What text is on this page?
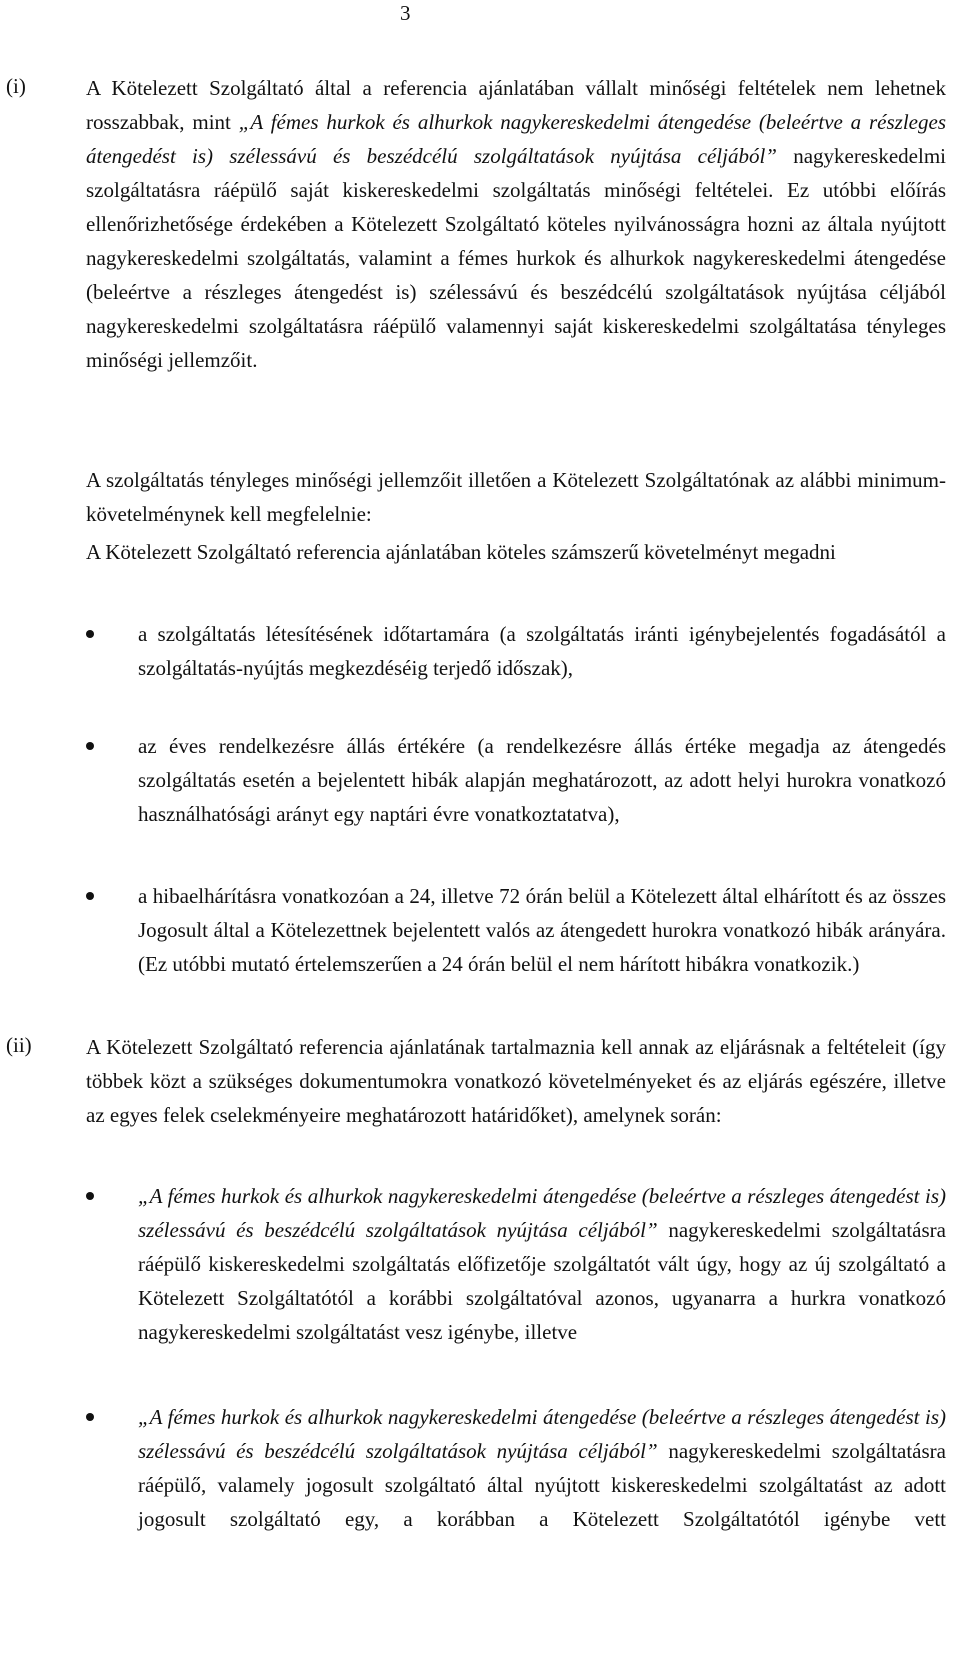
3
(i)	A Kötelezett Szolgáltató által a referencia ajánlatában vállalt minőségi feltételek nem lehetnek rosszabbak, mint „A fémes hurkok és alhurkok nagykereskedelmi átengedése (beleértve a részleges átengedést is) szélessávú és beszédcélú szolgáltatások nyújtása céljából” nagykereskedelmi szolgáltatásra ráépülő saját kiskereskedelmi szolgáltatás minőségi feltételei. Ez utóbbi előírás ellenőrizhetősége érdekében a Kötelezett Szolgáltató köteles nyilvánosságra hozni az általa nyújtott nagykereskedelmi szolgáltatás, valamint a fémes hurkok és alhurkok nagykereskedelmi átengedése (beleértve a részleges átengedést is) szélessávú és beszédcélú szolgáltatások nyújtása céljából nagykereskedelmi szolgáltatásra ráépülő valamennyi saját kiskereskedelmi szolgáltatása tényleges minőségi jellemzőit.
A szolgáltatás tényleges minőségi jellemzőit illetően a Kötelezett Szolgáltatónak az alábbi minimum-követelménynek kell megfelelnie:
A Kötelezett Szolgáltató referencia ajánlatában köteles számszerű követelményt megadni
a szolgáltatás létesítésének időtartamára (a szolgáltatás iránti igénybejelentés fogadásától a szolgáltatás-nyújtás megkezdéséig terjedő időszak),
az éves rendelkezésre állás értékére (a rendelkezésre állás értéke megadja az átengedés szolgáltatás esetén a bejelentett hibák alapján meghatározott, az adott helyi hurokra vonatkozó használhatósági arányt egy naptári évre vonatkoztatatva),
a hibaelhárításra vonatkozóan a 24, illetve 72 órán belül a Kötelezett által elhárított és az összes Jogosult által a Kötelezettnek bejelentett valós az átengedett hurokra vonatkozó hibák arányára. (Ez utóbbi mutató értelemszerűen a 24 órán belül el nem hárított hibákra vonatkozik.)
(ii)	A Kötelezett Szolgáltató referencia ajánlatának tartalmaznia kell annak az eljárásnak a feltételeit (így többek közt a szükséges dokumentumokra vonatkozó követelményeket és az eljárás egészére, illetve az egyes felek cselekményeire meghatározott határidőket), amelynek során:
„A fémes hurkok és alhurkok nagykereskedelmi átengedése (beleértve a részleges átengedést is) szélessávú és beszédcélú szolgáltatások nyújtása céljából” nagykereskedelmi szolgáltatásra ráépülő kiskereskedelmi szolgáltatás előfizetője szolgáltatót vált úgy, hogy az új szolgáltató a Kötelezett Szolgáltatótól a korábbi szolgáltatóval azonos, ugyanarra a hurkra vonatkozó nagykereskedelmi szolgáltatást vesz igénybe, illetve
„A fémes hurkok és alhurkok nagykereskedelmi átengedése (beleértve a részleges átengedést is) szélessávú és beszédcélú szolgáltatások nyújtása céljából” nagykereskedelmi szolgáltatásra ráépülő, valamely jogosult szolgáltató által nyújtott kiskereskedelmi szolgáltatást az adott jogosult szolgáltató egy, a korábban a Kötelezett Szolgáltatótól igénybe vett
